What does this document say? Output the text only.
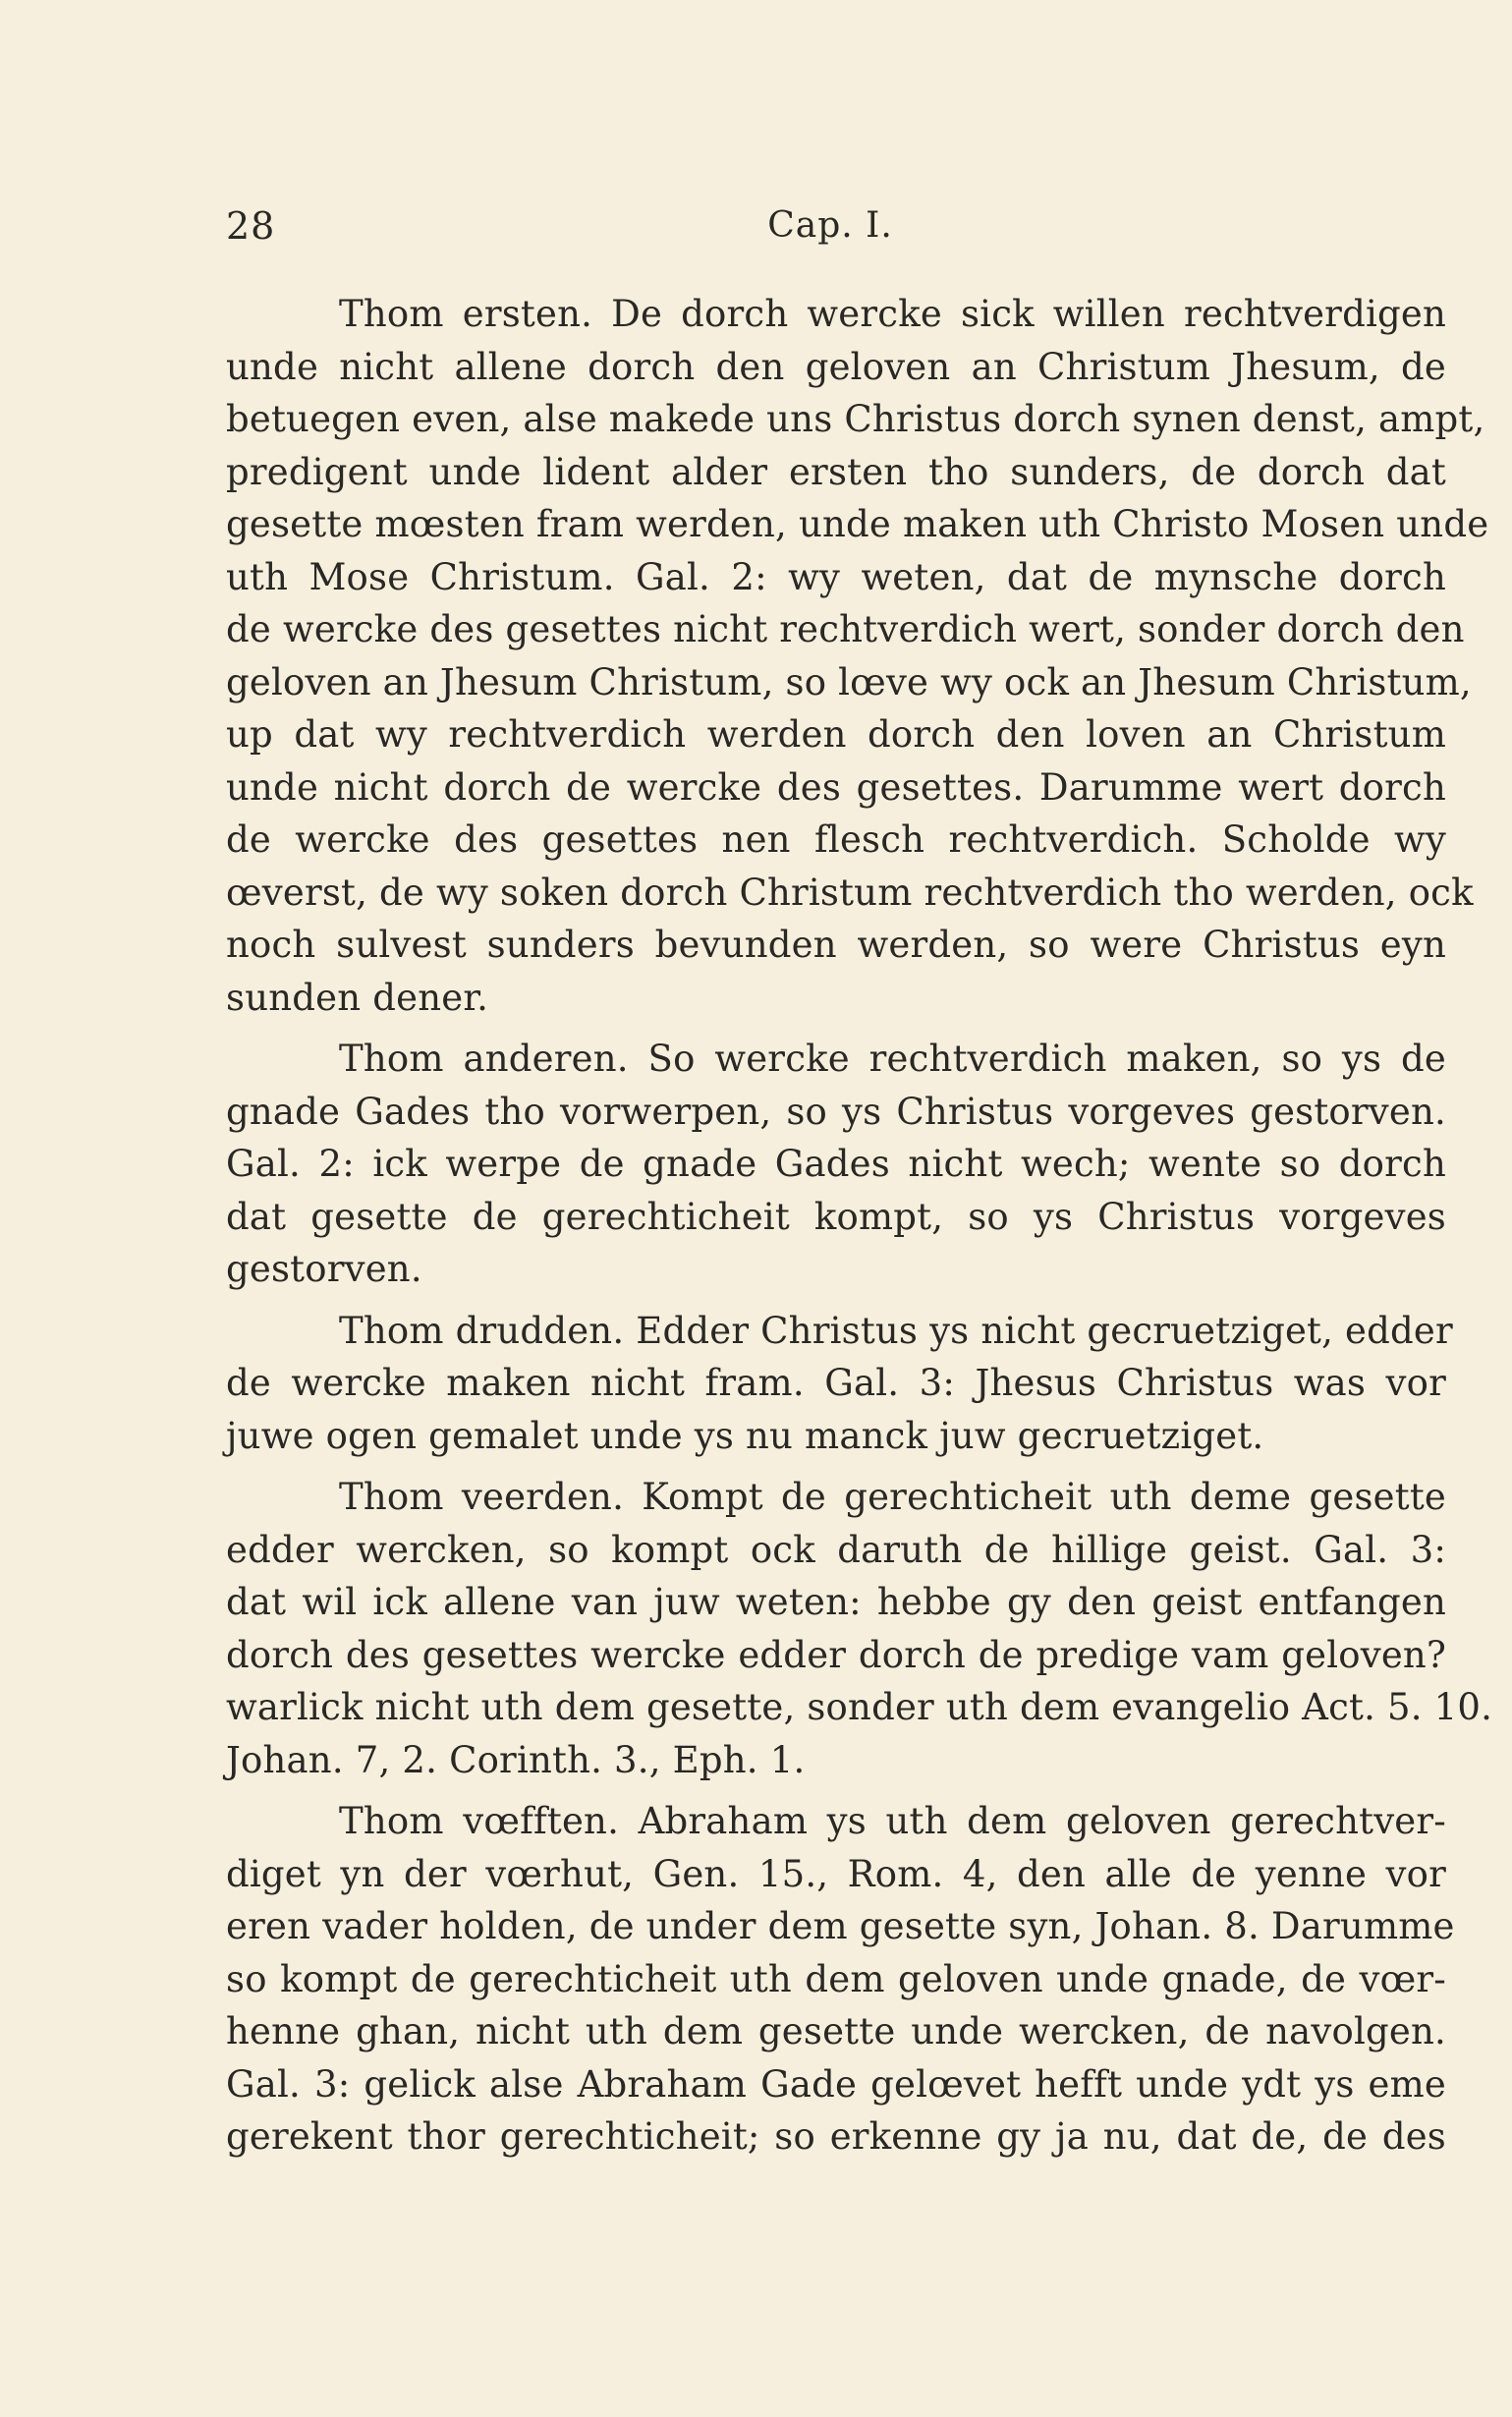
28	Cap. I.
Thom ersten. De dorch wercke sick willen rechtverdigen
unde nicht allene dorch den geloven an Christum Jhesum, de
betuegen even, alse makede uns Christus dorch synen denst, ampt,
predigent unde lident alder ersten tho sunders, de dorch dat
gesette mœsten fram werden, unde maken uth Christo Mosen unde
uth Mose Christum. Gal. 2: wy weten, dat de mynsche dorch
de wercke des gesettes nicht rechtverdich wert, sonder dorch den
geloven an Jhesum Christum, so lœve wy ock an Jhesum Christum,
up dat wy rechtverdich werden dorch den loven an Christum
unde nicht dorch de wercke des gesettes. Darumme wert dorch
de wercke des gesettes nen flesch rechtverdich. Scholde wy
œverst, de wy soken dorch Christum rechtverdich tho werden, ock
noch sulvest sunders bevunden werden, so were Christus eyn
sunden dener.
Thom anderen. So wercke rechtverdich maken, so ys de
gnade Gades tho vorwerpen, so ys Christus vorgeves gestorven.
Gal. 2: ick werpe de gnade Gades nicht wech; wente so dorch
dat gesette de gerechticheit kompt, so ys Christus vorgeves
gestorven.
Thom drudden. Edder Christus ys nicht gecruetziget, edder
de wercke maken nicht fram. Gal. 3: Jhesus Christus was vor
juwe ogen gemalet unde ys nu manck juw gecruetziget.
Thom veerden. Kompt de gerechticheit uth deme gesette
edder wercken, so kompt ock daruth de hillige geist. Gal. 3:
dat wil ick allene van juw weten: hebbe gy den geist entfangen
dorch des gesettes wercke edder dorch de predige vam geloven?
warlick nicht uth dem gesette, sonder uth dem evangelio Act. 5. 10.
Johan. 7, 2. Corinth. 3., Eph. 1.
Thom vœfften. Abraham ys uth dem geloven gerechtver-
diget yn der vœrhut, Gen. 15., Rom. 4, den alle de yenne vor
eren vader holden, de under dem gesette syn, Johan. 8. Darumme
so kompt de gerechticheit uth dem geloven unde gnade, de vœr-
henne ghan, nicht uth dem gesette unde wercken, de navolgen.
Gal. 3: gelick alse Abraham Gade gelœvet hefft unde ydt ys eme
gerekent thor gerechticheit; so erkenne gy ja nu, dat de, de des
